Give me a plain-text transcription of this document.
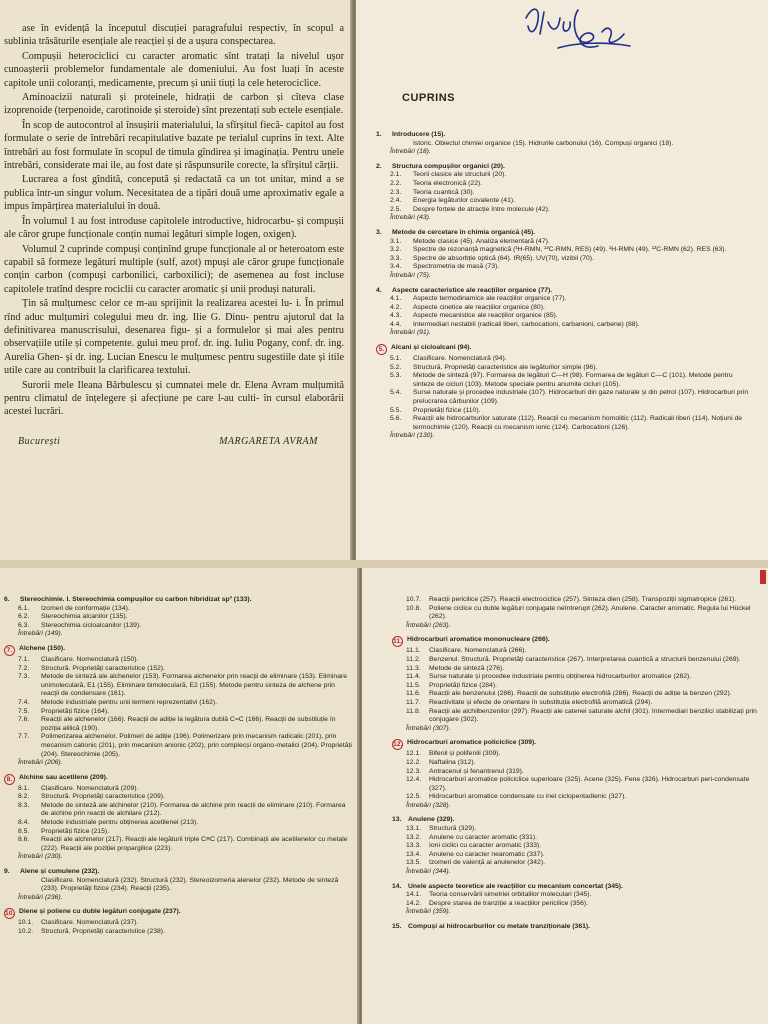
ase în evidență la începutul discuției paragrafului respectiv, în scopul a sublinia trăsăturile esențiale ale reacției și de a ușura conspectarea.

Compușii heterociclici cu caracter aromatic sînt tratați la nivelul ușor cunoașterii problemelor fundamentale ale domeniului. Au fost luați în aceste capitole unii coloranți, medicamente, precum și unii tiuți la cele heterociclice.

Aminoacizii naturali și proteinele, hidrații de carbon și cîteva clase izoprenoide (terpenoide, carotinoide și steroide) sînt prezentați sub ectele esențiale.

În scop de autocontrol al însușirii materialului, la sfîrșitul fiecă- capitol au fost formulate o serie de întrebări recapitulative bazate pe terialul cuprins în text. Alte întrebări au fost formulate în scopul de timula gîndirea și imaginația. Pentru unele întrebări, considerate mai ile, au fost date și răspunsurile corecte, la sfîrșitul cărții.

Lucrarea a fost gîndită, concepută și redactată ca un tot unitar, mind a se publica într-un singur volum. Necesitatea de a tipări două ume aproximativ egale a impus împărțirea materialului în două.

În volumul 1 au fost introduse capitolele introductive, hidrocarbu- și compușii ale căror grupe funcționale conțin numai legături simple logen, oxigen).

Volumul 2 cuprinde compuși conținînd grupe funcționale al or heteroatom este capabil să formeze legături multiple (sulf, azot) mpuși ale căror grupe funcționale conțin carbon (compuși carbonilici, carboxilici); de asemenea au fost incluse capitolele tratînd despre rociclii cu caracter aromatic și unii produși naturali.

Țin să mulțumesc celor ce m-au sprijinit la realizarea acestei lu- i. În primul rînd aduc mulțumiri colegului meu dr. ing. Ilie G. Dinu- pentru ajutorul dat la definitivarea manuscrisului, desenarea figu- și a formulelor și mai ales pentru observațiile utile și competente. gului meu prof. dr. ing. Iuliu Pogany, conf. dr. ing. Aurelia Ghen- și dr. ing. Lucian Enescu le mulțumesc pentru sugestiile date și itile utile care au contribuit la clarificarea textului.

Surorii mele Ileana Bărbulescu și cumnatei mele dr. Elena Avram mulțumită pentru climatul de înțelegere și afecțiune pe care l-au culti- în cursul elaborării acestei lucrări.

București	MARGARETA AVRAM
CUPRINS
1.	Introducere (15).
Istoric. Obiectul chimiei organice (15). Hidrurile carbonului (16). Compuși organici (18).
Întrebări (18).
2.	Structura compușilor organici (20).
2.1.	Teorii clasice ale structurii (20).
2.2.	Teoria electronică (22).
2.3.	Teoria cuantică (30).
2.4.	Energia legăturilor covalente (41).
2.5.	Despre forțele de atracție între molecule (42).
Întrebări (43).
3.	Metode de cercetare în chimia organică (45).
3.1.	Metode clasice (45). Analiza elementară (47).
3.2.	Spectre de rezonanță magnetică (¹H-RMN, ¹³C-RMN, RES) (49). ¹H-RMN (49). ¹³C-RMN (62). RES (63).
3.3.	Spectre de absorbție optică (64). IR(65). UV(70), vizibil (70).
3.4.	Spectrometria de masă (73).
Întrebări (75).
4.	Aspecte caracteristice ale reacțiilor organice (77).
4.1.	Aspecte termodinamice ale reacțiilor organice (77).
4.2.	Aspecte cinetice ale reacțiilor organice (80).
4.3.	Aspecte mecanistice ale reacțiilor organice (85).
4.4.	Intermediari nestabili (radicali liberi, carbocationi, carbanioni, carbene) (88).
Întrebări (91).
5. Alcani și cicloalcani (94).
5.1.	Clasificare. Nomenclatură (94).
5.2.	Structură. Proprietăți caracteristice ale legăturilor simple (96).
5.3.	Metode de sinteză (97). Formarea de legături C—H (98). Formarea de legături C—C (101). Metode pentru sinteze de cicluri (103). Metode speciale pentru anumite cicluri (105).
5.4.	Surse naturale și procedee industriale (107). Hidrocarburi din gaze naturale și din petrol (107). Hidrocarburi prin prelucrarea cărbunilor (109).
5.5.	Proprietăți fizice (110).
5.6.	Reacții ale hidrocarburilor saturate (112). Reacții cu mecanism homolitic (112). Radicali liberi (114). Noțiuni de termochimie (120). Reacții cu mecanism ionic (124). Carbocationi (126).
Întrebări (130).
6.	Stereochimie. I. Stereochimia compușilor cu carbon hibridizat sp³ (133).
6.1.	Izomeri de conformație (134).
6.2.	Stereochimia alcanilor (135).
6.3.	Stereochimia cicloalcanilor (139).
Întrebări (149).
7. Alchene (150).
7.1.	Clasificare. Nomenclatură (150).
7.2.	Structură. Proprietăți caracteristice (152).
7.3.	Metode de sinteză ale alchenelor (153). Formarea alchenelor prin reacții de eliminare (153). Eliminare unimoleculară, E1 (155). Eliminare bimoleculară, E2 (155). Metode pentru sinteza de alchene prin reacții de condensare (161).
7.4.	Metode industriale pentru unii termeni reprezentativi (162).
7.5.	Proprietăți fizice (164).
7.6.	Reacții ale alchenelor (166). Reacții de adiție la legătura dublă C=C (166). Reacții de substituție în poziția alilică (190).
7.7.	Polimerizarea alchenelor. Polimeri de adiție (196). Polimerizare prin mecanism radicalic (201), prin mecanism cationic (201), prin mecanism anionic (202), prin complecși organo-metalici (204). Proprietăți (204). Stereochimie (205).
Întrebări (206).
8. Alchine sau acetilene (209).
8.1.	Clasificare. Nomenclatură (209).
8.2.	Structură. Proprietăți caracteristice (209).
8.3.	Metode de sinteză ale alchinelor (210). Formarea de alchine prin reacții de eliminare (210). Formarea de alchine prin reacții de alchilare (212).
8.4.	Metode industriale pentru obținerea acetilenei (213).
8.5.	Proprietăți fizice (215).
8.6.	Reacții ale alchinelor (217). Reacții ale legăturii triple C≡C (217). Combinații ale acetilenelor cu metale (222). Reacții ale poziției propargilice (223).
Întrebări (230).
9.	Alene și cumulene (232).
Clasificare. Nomenclatură (232). Structură (232). Stereoizomeria alenelor (232). Metode de sinteză (233). Proprietăți fizice (234). Reacții (235).
Întrebări (236).
10. Diene și poliene cu duble legături conjugate (237).
10.1.	Clasificare. Nomenclatură (237).
10.2.	Structură. Proprietăți caracteristice (238).
10.7.	Reacții pericilice (257). Reacții electrociclice (257). Sinteza dien (258). Transpoziții sigmatropice (261).
10.8.	Poliene ciclice cu duble legături conjugate neîntrerupt (262). Anulene. Caracter aromatic. Regula lui Hückel (262).
Întrebări (263).
11. Hidrocarburi aromatice mononucleare (266).
11.1.	Clasificare. Nomenclatură (266).
11.2.	Benzenul. Structură. Proprietăți caracteristice (267). Interpretarea cuantică a structurii benzenului (269).
11.3.	Metode de sinteză (276).
11.4.	Surse naturale și procedee industriale pentru obținerea hidrocarburilor aromatice (282).
11.5.	Proprietăți fizice (284).
11.6.	Reacții ale benzenului (286). Reacții de substituție electrofilă (286). Reacții de adiție la benzen (292).
11.7.	Reactivitate și efecte de orientare în substituția electrofilă aromatică (294).
11.8.	Reacții ale alchilbenzenilor (297). Reacții ale catenei saturate alchil (301). Intermediari benzilici stabilizați prin conjugare (302).
Întrebări (307).
12. Hidrocarburi aromatice policiclice (309).
12.1.	Bifenil și polifenili (309).
12.2.	Naftalina (312).
12.3.	Antracenul și fenantrenul (319).
12.4.	Hidrocarburi aromatice policiclice superioare (325). Acene (325). Fene (326). Hidrocarburi peri-condensate (327).
12.5.	Hidrocarburi aromatice condensate cu inel ciclopentadienic (327).
Întrebări (328).
13. Anulene (329).
13.1.	Structură (329).
13.2.	Anulene cu caracter aromatic (331).
13.3.	Ioni ciclici cu caracter aromatic (333).
13.4.	Anulene cu caracter nearomatic (337).
13.5.	Izomeri de valență ai anulenelor (342).
Întrebări (344).
14. Unele aspecte teoretice ale reacțiilor cu mecanism concertat (345).
14.1.	Teoria conservării simetriei orbitalilor moleculari (345).
14.2.	Despre starea de tranziție a reacțiilor pericilice (356).
Întrebări (359).
15. Compuși ai hidrocarburilor cu metale tranziționale (361).
